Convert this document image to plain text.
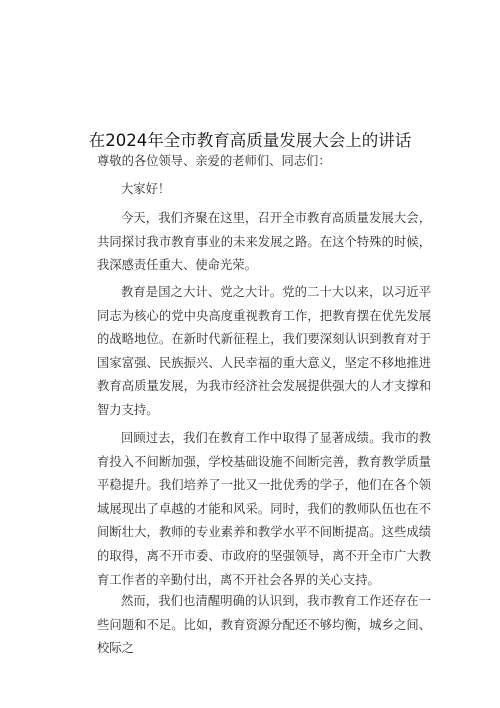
在2024年全市教育高质量发展大会上的讲话

尊敬的各位领导、亲爱的老师们、同志们：

大家好！

今天，我们齐聚在这里，召开全市教育高质量发展大会，共同探讨我市教育事业的未来发展之路。在这个特殊的时候，我深感责任重大、使命光荣。

教育是国之大计、党之大计。党的二十大以来，以习近平同志为核心的党中央高度重视教育工作，把教育摆在优先发展的战略地位。在新时代新征程上，我们要深刻认识到教育对于国家富强、民族振兴、人民幸福的重大意义，坚定不移地推进教育高质量发展，为我市经济社会发展提供强大的人才支撑和智力支持。

回顾过去，我们在教育工作中取得了显著成绩。我市的教育投入不间断加强，学校基础设施不间断完善，教育教学质量平稳提升。我们培养了一批又一批优秀的学子，他们在各个领域展现出了卓越的才能和风采。同时，我们的教师队伍也在不间断壮大，教师的专业素养和教学水平不间断提高。这些成绩的取得，离不开市委、市政府的坚强领导，离不开全市广大教育工作者的辛勤付出，离不开社会各界的关心支持。

然而，我们也清醒明确的认识到，我市教育工作还存在一些问题和不足。比如，教育资源分配还不够均衡，城乡之间、校际之
